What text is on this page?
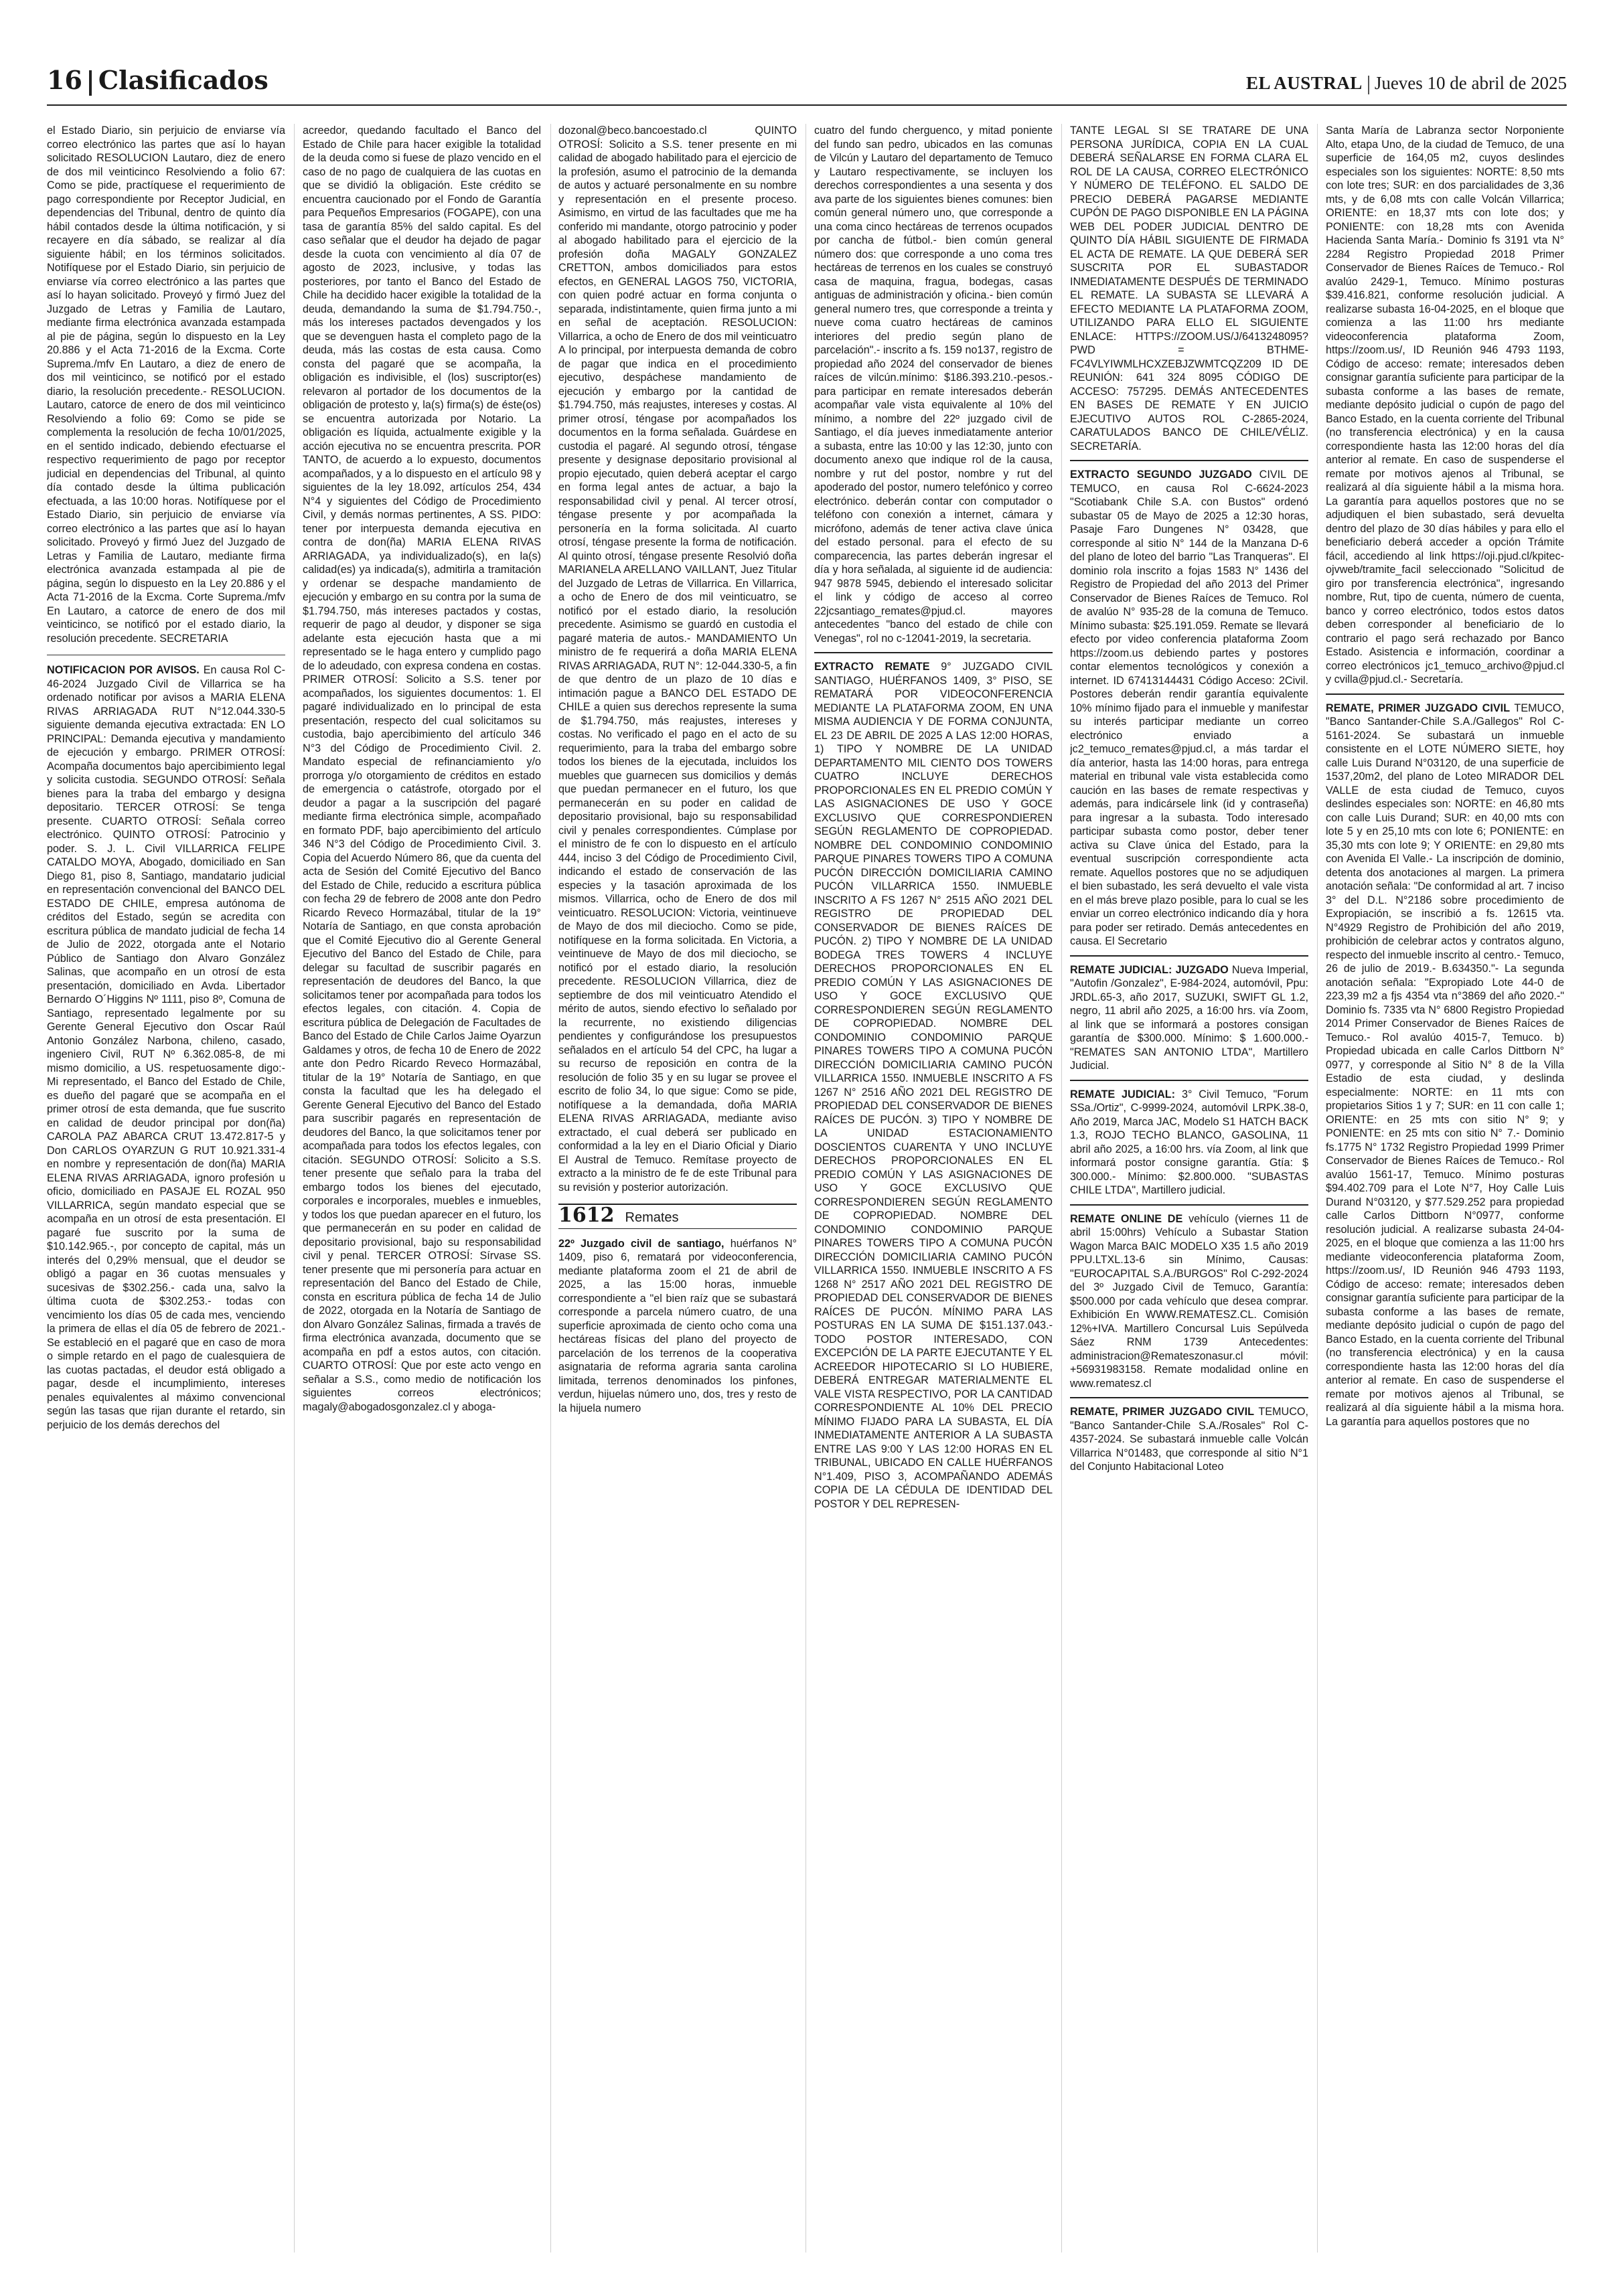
16 Clasificados	EL AUSTRAL Jueves 10 de abril de 2025

el Estado Diario, sin perjuicio de enviarse vía correo electrónico las partes que así lo hayan solicitado RESOLUCION Lautaro, diez de enero de dos mil veinticinco Resolviendo a folio 67: Como se pide, practíquese el requerimiento de pago correspondiente por Receptor Judicial, en dependencias del Tribunal, dentro de quinto día hábil contados desde la última notificación, y si recayere en día sábado, se realizar al día siguiente hábil; en los términos solicitados. Notifíquese por el Estado Diario, sin perjuicio de enviarse vía correo electrónico a las partes que así lo hayan solicitado. Proveyó y firmó Juez del Juzgado de Letras y Familia de Lautaro, mediante firma electrónica avanzada estampada al pie de página, según lo dispuesto en la Ley 20.886 y el Acta 71-2016 de la Excma. Corte Suprema./mfv En Lautaro, a diez de enero de dos mil veinticinco, se notificó por el estado diario, la resolución precedente.- RESOLUCION. Lautaro, catorce de enero de dos mil veinticinco Resolviendo a folio 69: Como se pide se complementa la resolución de fecha 10/01/2025, en el sentido indicado, debiendo efectuarse el respectivo requerimiento de pago por receptor judicial en dependencias del Tribunal, al quinto día contado desde la última publicación efectuada, a las 10:00 horas. Notifíquese por el Estado Diario, sin perjuicio de enviarse vía correo electrónico a las partes que así lo hayan solicitado. Proveyó y firmó Juez del Juzgado de Letras y Familia de Lautaro, mediante firma electrónica avanzada estampada al pie de página, según lo dispuesto en la Ley 20.886 y el Acta 71-2016 de la Excma. Corte Suprema./mfv En Lautaro, a catorce de enero de dos mil veinticinco, se notificó por el estado diario, la resolución precedente. SECRETARIA

NOTIFICACION POR AVISOS. En causa Rol C-46-2024 Juzgado Civil de Villarrica se ha ordenado notificar por avisos a MARIA ELENA RIVAS ARRIAGADA RUT N°12.044.330-5 siguiente demanda ejecutiva extractada: EN LO PRINCIPAL: Demanda ejecutiva y mandamiento de ejecución y embargo. PRIMER OTROSÍ: Acompaña documentos bajo apercibimiento legal y solicita custodia. SEGUNDO OTROSÍ: Señala bienes para la traba del embargo y designa depositario. TERCER OTROSÍ: Se tenga presente. CUARTO OTROSÍ: Señala correo electrónico. QUINTO OTROSÍ: Patrocinio y poder. S. J. L. Civil VILLARRICA FELIPE CATALDO MOYA, Abogado, domiciliado en San Diego 81, piso 8, Santiago, mandatario judicial en representación convencional del BANCO DEL ESTADO DE CHILE, empresa autónoma de créditos del Estado, según se acredita con escritura pública de mandato judicial de fecha 14 de Julio de 2022, otorgada ante el Notario Público de Santiago don Alvaro González Salinas, que acompaño en un otrosí de esta presentación, domiciliado en Avda. Libertador Bernardo O´Higgins Nº 1111, piso 8º, Comuna de Santiago, representado legalmente por su Gerente General Ejecutivo don Oscar Raúl Antonio González Narbona, chileno, casado, ingeniero Civil, RUT Nº 6.362.085-8, de mi mismo domicilio, a US. respetuosamente digo:- Mi representado, el Banco del Estado de Chile, es dueño del pagaré que se acompaña en el primer otrosí de esta demanda, que fue suscrito en calidad de deudor principal por don(ña) CAROLA PAZ ABARCA CRUT 13.472.817-5 y Don CARLOS OYARZUN G RUT 10.921.331-4 en nombre y representación de don(ña) MARIA ELENA RIVAS ARRIAGADA, ignoro profesión u oficio, domiciliado en PASAJE EL ROZAL 950 VILLARRICA, según mandato especial que se acompaña en un otrosí de esta presentación. El pagaré fue suscrito por la suma de $10.142.965.-, por concepto de capital, más un interés del 0,29% mensual, que el deudor se obligó a pagar en 36 cuotas mensuales y sucesivas de $302.256.- cada una, salvo la última cuota de $302.253.- todas con vencimiento los días 05 de cada mes, venciendo la primera de ellas el día 05 de febrero de 2021.- Se estableció en el pagaré que en caso de mora o simple retardo en el pago de cualesquiera de las cuotas pactadas, el deudor está obligado a pagar, desde el incumplimiento, intereses penales equivalentes al máximo convencional según las tasas que rijan durante el retardo, sin perjuicio de los demás derechos del

acreedor, quedando facultado el Banco del Estado de Chile para hacer exigible la totalidad de la deuda como si fuese de plazo vencido en el caso de no pago de cualquiera de las cuotas en que se dividió la obligación. Este crédito se encuentra caucionado por el Fondo de Garantía para Pequeños Empresarios (FOGAPE), con una tasa de garantía 85% del saldo capital. Es del caso señalar que el deudor ha dejado de pagar desde la cuota con vencimiento al día 07 de agosto de 2023, inclusive, y todas las posteriores, por tanto el Banco del Estado de Chile ha decidido hacer exigible la totalidad de la deuda, demandando la suma de $1.794.750.-, más los intereses pactados devengados y los que se devenguen hasta el completo pago de la deuda, más las costas de esta causa. Como consta del pagaré que se acompaña, la obligación es indivisible, el (los) suscriptor(es) relevaron al portador de los documentos de la obligación de protesto y, la(s) firma(s) de éste(os) se encuentra autorizada por Notario. La obligación es líquida, actualmente exigible y la acción ejecutiva no se encuentra prescrita. POR TANTO, de acuerdo a lo expuesto, documentos acompañados, y a lo dispuesto en el artículo 98 y siguientes de la ley 18.092, artículos 254, 434 N°4 y siguientes del Código de Procedimiento Civil, y demás normas pertinentes, A SS. PIDO: tener por interpuesta demanda ejecutiva en contra de don(ña) MARIA ELENA RIVAS ARRIAGADA, ya individualizado(s), en la(s) calidad(es) ya indicada(s), admitirla a tramitación y ordenar se despache mandamiento de ejecución y embargo en su contra por la suma de $1.794.750, más intereses pactados y costas, requerir de pago al deudor, y disponer se siga adelante esta ejecución hasta que a mi representado se le haga entero y cumplido pago de lo adeudado, con expresa condena en costas. PRIMER OTROSÍ: Solicito a S.S. tener por acompañados, los siguientes documentos: 1. El pagaré individualizado en lo principal de esta presentación, respecto del cual solicitamos su custodia, bajo apercibimiento del artículo 346 N°3 del Código de Procedimiento Civil. 2. Mandato especial de refinanciamiento y/o prorroga y/o otorgamiento de créditos en estado de emergencia o catástrofe, otorgado por el deudor a pagar a la suscripción del pagaré mediante firma electrónica simple, acompañado en formato PDF, bajo apercibimiento del artículo 346 N°3 del Código de Procedimiento Civil. 3. Copia del Acuerdo Número 86, que da cuenta del acta de Sesión del Comité Ejecutivo del Banco del Estado de Chile, reducido a escritura pública con fecha 29 de febrero de 2008 ante don Pedro Ricardo Reveco Hormazábal, titular de la 19° Notaría de Santiago, en que consta aprobación que el Comité Ejecutivo dio al Gerente General Ejecutivo del Banco del Estado de Chile, para delegar su facultad de suscribir pagarés en representación de deudores del Banco, la que solicitamos tener por acompañada para todos los efectos legales, con citación. 4. Copia de escritura pública de Delegación de Facultades de Banco del Estado de Chile Carlos Jaime Oyarzun Galdames y otros, de fecha 10 de Enero de 2022 ante don Pedro Ricardo Reveco Hormazábal, titular de la 19° Notaría de Santiago, en que consta la facultad que les ha delegado el Gerente General Ejecutivo del Banco del Estado para suscribir pagarés en representación de deudores del Banco, la que solicitamos tener por acompañada para todos los efectos legales, con citación. SEGUNDO OTROSÍ: Solicito a S.S. tener presente que señalo para la traba del embargo todos los bienes del ejecutado, corporales e incorporales, muebles e inmuebles, y todos los que puedan aparecer en el futuro, los que permanecerán en su poder en calidad de depositario provisional, bajo su responsabilidad civil y penal. TERCER OTROSÍ: Sírvase SS. tener presente que mi personería para actuar en representación del Banco del Estado de Chile, consta en escritura pública de fecha 14 de Julio de 2022, otorgada en la Notaría de Santiago de don Alvaro González Salinas, firmada a través de firma electrónica avanzada, documento que se acompaña en pdf a estos autos, con citación. CUARTO OTROSÍ: Que por este acto vengo en señalar a S.S., como medio de notificación los siguientes correos electrónicos; magaly@abogadosgonzalez.cl y aboga-

dozonal@beco.bancoestado.cl QUINTO OTROSÍ: Solicito a S.S. tener presente en mi calidad de abogado habilitado para el ejercicio de la profesión, asumo el patrocinio de la demanda de autos y actuaré personalmente en su nombre y representación en el presente proceso. Asimismo, en virtud de las facultades que me ha conferido mi mandante, otorgo patrocinio y poder al abogado habilitado para el ejercicio de la profesión doña MAGALY GONZALEZ CRETTON, ambos domiciliados para estos efectos, en GENERAL LAGOS 750, VICTORIA, con quien podré actuar en forma conjunta o separada, indistintamente, quien firma junto a mi en señal de aceptación. RESOLUCION: Villarrica, a ocho de Enero de dos mil veinticuatro A lo principal, por interpuesta demanda de cobro de pagar que indica en el procedimiento ejecutivo, despáchese mandamiento de ejecución y embargo por la cantidad de $1.794.750, más reajustes, intereses y costas. Al primer otrosí, téngase por acompañados los documentos en la forma señalada. Guárdese en custodia el pagaré. Al segundo otrosí, téngase presente y designase depositario provisional al propio ejecutado, quien deberá aceptar el cargo en forma legal antes de actuar, a bajo la responsabilidad civil y penal. Al tercer otrosí, téngase presente y por acompañada la personería en la forma solicitada. Al cuarto otrosí, téngase presente la forma de notificación. Al quinto otrosí, téngase presente Resolvió doña MARIANELA ARELLANO VAILLANT, Juez Titular del Juzgado de Letras de Villarrica. En Villarrica, a ocho de Enero de dos mil veinticuatro, se notificó por el estado diario, la resolución precedente. Asimismo se guardó en custodia el pagaré materia de autos.- MANDAMIENTO Un ministro de fe requerirá a doña MARIA ELENA RIVAS ARRIAGADA, RUT N°: 12-044.330-5, a fin de que dentro de un plazo de 10 días e intimación pague a BANCO DEL ESTADO DE CHILE a quien sus derechos represente la suma de $1.794.750, más reajustes, intereses y costas. No verificado el pago en el acto de su requerimiento, para la traba del embargo sobre todos los bienes de la ejecutada, incluidos los muebles que guarnecen sus domicilios y demás que puedan permanecer en el futuro, los que permanecerán en su poder en calidad de depositario provisional, bajo su responsabilidad civil y penales correspondientes. Cúmplase por el ministro de fe con lo dispuesto en el artículo 444, inciso 3 del Código de Procedimiento Civil, indicando el estado de conservación de las especies y la tasación aproximada de los mismos. Villarrica, ocho de Enero de dos mil veinticuatro. RESOLUCION: Victoria, veintinueve de Mayo de dos mil dieciocho. Como se pide, notifíquese en la forma solicitada. En Victoria, a veintinueve de Mayo de dos mil dieciocho, se notificó por el estado diario, la resolución precedente. RESOLUCION Villarrica, diez de septiembre de dos mil veinticuatro Atendido el mérito de autos, siendo efectivo lo señalado por la recurrente, no existiendo diligencias pendientes y configurándose los presupuestos señalados en el artículo 54 del CPC, ha lugar a su recurso de reposición en contra de la resolución de folio 35 y en su lugar se provee el escrito de folio 34, lo que sigue: Como se pide, notifíquese a la demandada, doña MARIA ELENA RIVAS ARRIAGADA, mediante aviso extractado, el cual deberá ser publicado en conformidad a la ley en el Diario Oficial y Diario El Austral de Temuco. Remítase proyecto de extracto a la ministro de fe de este Tribunal para su revisión y posterior autorización.

1612 Remates

22º Juzgado civil de santiago, huérfanos N° 1409, piso 6, rematará por videoconferencia, mediante plataforma zoom el 21 de abril de 2025, a las 15:00 horas, inmueble correspondiente a "el bien raíz que se subastará corresponde a parcela número cuatro, de una superficie aproximada de ciento ocho coma una hectáreas físicas del plano del proyecto de parcelación de los terrenos de la cooperativa asignataria de reforma agraria santa carolina limitada, terrenos denominados los pinfones, verdun, hijuelas número uno, dos, tres y resto de la hijuela numero

cuatro del fundo cherguenco, y mitad poniente del fundo san pedro, ubicados en las comunas de Vilcún y Lautaro del departamento de Temuco y Lautaro respectivamente, se incluyen los derechos correspondientes a una sesenta y dos ava parte de los siguientes bienes comunes: bien común general número uno, que corresponde a una coma cinco hectáreas de terrenos ocupados por cancha de fútbol.- bien común general número dos: que corresponde a uno coma tres hectáreas de terrenos en los cuales se construyó casa de maquina, fragua, bodegas, casas antiguas de administración y oficina.- bien común general numero tres, que corresponde a treinta y nueve coma cuatro hectáreas de caminos interiores del predio según plano de parcelación".- inscrito a fs. 159 no137, registro de propiedad año 2024 del conservador de bienes raíces de vilcún.mínimo: $186.393.210.-pesos.- para participar en remate interesados deberán acompañar vale vista equivalente al 10% del mínimo, a nombre del 22º juzgado civil de Santiago, el día jueves inmediatamente anterior a subasta, entre las 10:00 y las 12:30, junto con documento anexo que indique rol de la causa, nombre y rut del postor, nombre y rut del apoderado del postor, numero telefónico y correo electrónico. deberán contar con computador o teléfono con conexión a internet, cámara y micrófono, además de tener activa clave única del estado personal. para el efecto de su comparecencia, las partes deberán ingresar el día y hora señalada, al siguiente id de audiencia: 947 9878 5945, debiendo el interesado solicitar el link y código de acceso al correo 22jcsantiago_remates@pjud.cl. mayores antecedentes "banco del estado de chile con Venegas", rol no c-12041-2019, la secretaria.

EXTRACTO REMATE 9° JUZGADO CIVIL SANTIAGO, HUÉRFANOS 1409, 3° PISO, SE REMATARÁ POR VIDEOCONFERENCIA MEDIANTE LA PLATAFORMA ZOOM, EN UNA MISMA AUDIENCIA Y DE FORMA CONJUNTA, EL 23 DE ABRIL DE 2025 A LAS 12:00 HORAS, 1) TIPO Y NOMBRE DE LA UNIDAD DEPARTAMENTO MIL CIENTO DOS TOWERS CUATRO INCLUYE DERECHOS PROPORCIONALES EN EL PREDIO COMÚN Y LAS ASIGNACIONES DE USO Y GOCE EXCLUSIVO QUE CORRESPONDIEREN SEGÚN REGLAMENTO DE COPROPIEDAD. NOMBRE DEL CONDOMINIO CONDOMINIO PARQUE PINARES TOWERS TIPO A COMUNA PUCÓN DIRECCIÓN DOMICILIARIA CAMINO PUCÓN VILLARRICA 1550. INMUEBLE INSCRITO A FS 1267 N° 2515 AÑO 2021 DEL REGISTRO DE PROPIEDAD DEL CONSERVADOR DE BIENES RAÍCES DE PUCÓN. 2) TIPO Y NOMBRE DE LA UNIDAD BODEGA TRES TOWERS 4 INCLUYE DERECHOS PROPORCIONALES EN EL PREDIO COMÚN Y LAS ASIGNACIONES DE USO Y GOCE EXCLUSIVO QUE CORRESPONDIEREN SEGÚN REGLAMENTO DE COPROPIEDAD. NOMBRE DEL CONDOMINIO CONDOMINIO PARQUE PINARES TOWERS TIPO A COMUNA PUCÓN DIRECCIÓN DOMICILIARIA CAMINO PUCÓN VILLARRICA 1550. INMUEBLE INSCRITO A FS 1267 N° 2516 AÑO 2021 DEL REGISTRO DE PROPIEDAD DEL CONSERVADOR DE BIENES RAÍCES DE PUCÓN. 3) TIPO Y NOMBRE DE LA UNIDAD ESTACIONAMIENTO DOSCIENTOS CUARENTA Y UNO INCLUYE DERECHOS PROPORCIONALES EN EL PREDIO COMÚN Y LAS ASIGNACIONES DE USO Y GOCE EXCLUSIVO QUE CORRESPONDIEREN SEGÚN REGLAMENTO DE COPROPIEDAD. NOMBRE DEL CONDOMINIO CONDOMINIO PARQUE PINARES TOWERS TIPO A COMUNA PUCÓN DIRECCIÓN DOMICILIARIA CAMINO PUCÓN VILLARRICA 1550. INMUEBLE INSCRITO A FS 1268 N° 2517 AÑO 2021 DEL REGISTRO DE PROPIEDAD DEL CONSERVADOR DE BIENES RAÍCES DE PUCÓN. MÍNIMO PARA LAS POSTURAS EN LA SUMA DE $151.137.043.- TODO POSTOR INTERESADO, CON EXCEPCIÓN DE LA PARTE EJECUTANTE Y EL ACREEDOR HIPOTECARIO SI LO HUBIERE, DEBERÁ ENTREGAR MATERIALMENTE EL VALE VISTA RESPECTIVO, POR LA CANTIDAD CORRESPONDIENTE AL 10% DEL PRECIO MÍNIMO FIJADO PARA LA SUBASTA, EL DÍA INMEDIATAMENTE ANTERIOR A LA SUBASTA ENTRE LAS 9:00 Y LAS 12:00 HORAS EN EL TRIBUNAL, UBICADO EN CALLE HUÉRFANOS N°1.409, PISO 3, ACOMPAÑANDO ADEMÁS COPIA DE LA CÉDULA DE IDENTIDAD DEL POSTOR Y DEL REPRESEN-

TANTE LEGAL SI SE TRATARE DE UNA PERSONA JURÍDICA, COPIA EN LA CUAL DEBERÁ SEÑALARSE EN FORMA CLARA EL ROL DE LA CAUSA, CORREO ELECTRÓNICO Y NÚMERO DE TELÉFONO. EL SALDO DE PRECIO DEBERÁ PAGARSE MEDIANTE CUPÓN DE PAGO DISPONIBLE EN LA PÁGINA WEB DEL PODER JUDICIAL DENTRO DE QUINTO DÍA HÁBIL SIGUIENTE DE FIRMADA EL ACTA DE REMATE. LA QUE DEBERÁ SER SUSCRITA POR EL SUBASTADOR INMEDIATAMENTE DESPUÉS DE TERMINADO EL REMATE. LA SUBASTA SE LLEVARÁ A EFECTO MEDIANTE LA PLATAFORMA ZOOM, UTILIZANDO PARA ELLO EL SIGUIENTE ENLACE: HTTPS://ZOOM.US/J/6413248095?PWD = BTHME-FC4VLYIWMLHCXZEBJZWMTCQZ209 ID DE REUNIÓN: 641 324 8095 CÓDIGO DE ACCESO: 757295. DEMÁS ANTECEDENTES EN BASES DE REMATE Y EN JUICIO EJECUTIVO AUTOS ROL C-2865-2024, CARATULADOS BANCO DE CHILE/VÉLIZ. SECRETARÍA.

EXTRACTO SEGUNDO JUZGADO CIVIL DE TEMUCO, en causa Rol C-6624-2023 "Scotiabank Chile S.A. con Bustos" ordenó subastar 05 de Mayo de 2025 a 12:30 horas, Pasaje Faro Dungenes N° 03428, que corresponde al sitio N° 144 de la Manzana D-6 del plano de loteo del barrio "Las Tranqueras". El dominio rola inscrito a fojas 1583 N° 1436 del Registro de Propiedad del año 2013 del Primer Conservador de Bienes Raíces de Temuco. Rol de avalúo N° 935-28 de la comuna de Temuco. Mínimo subasta: $25.191.059. Remate se llevará efecto por video conferencia plataforma Zoom https://zoom.us debiendo partes y postores contar elementos tecnológicos y conexión a internet. ID 67413144431 Código Acceso: 2Civil. Postores deberán rendir garantía equivalente 10% mínimo fijado para el inmueble y manifestar su interés participar mediante un correo electrónico enviado a jc2_temuco_remates@pjud.cl, a más tardar el día anterior, hasta las 14:00 horas, para entrega material en tribunal vale vista establecida como caución en las bases de remate respectivas y además, para indicársele link (id y contraseña) para ingresar a la subasta. Todo interesado participar subasta como postor, deber tener activa su Clave única del Estado, para la eventual suscripción correspondiente acta remate. Aquellos postores que no se adjudiquen el bien subastado, les será devuelto el vale vista en el más breve plazo posible, para lo cual se les enviar un correo electrónico indicando día y hora para poder ser retirado. Demás antecedentes en causa. El Secretario

REMATE JUDICIAL: JUZGADO Nueva Imperial, "Autofin /Gonzalez", E-984-2024, automóvil, Ppu: JRDL.65-3, año 2017, SUZUKI, SWIFT GL 1.2, negro, 11 abril año 2025, a 16:00 hrs. vía Zoom, al link que se informará a postores consigan garantía de $300.000. Mínimo: $ 1.600.000.- "REMATES SAN ANTONIO LTDA", Martillero Judicial.

REMATE JUDICIAL: 3° Civil Temuco, "Forum SSa./Ortiz", C-9999-2024, automóvil LRPK.38-0, Año 2019, Marca JAC, Modelo S1 HATCH BACK 1.3, ROJO TECHO BLANCO, GASOLINA, 11 abril año 2025, a 16:00 hrs. vía Zoom, al link que informará postor consigne garantía. Gtía: $ 300.000.- Mínimo: $2.800.000. "SUBASTAS CHILE LTDA", Martillero judicial.

REMATE ONLINE DE vehículo (viernes 11 de abril 15:00hrs) Vehículo a Subastar Station Wagon Marca BAIC MODELO X35 1.5 año 2019 PPU.LTXL.13-6 sin Mínimo, Causas: "EUROCAPITAL S.A./BURGOS" Rol C-292-2024 del 3º Juzgado Civil de Temuco, Garantía: $500.000 por cada vehículo que desea comprar. Exhibición En WWW.REMATESZ.CL. Comisión 12%+IVA. Martillero Concursal Luis Sepúlveda Sáez RNM 1739 Antecedentes: administracion@Remateszonasur.cl móvil: +56931983158. Remate modalidad online en www.rematesz.cl

REMATE, PRIMER JUZGADO CIVIL TEMUCO, "Banco Santander-Chile S.A./Rosales" Rol C-4357-2024. Se subastará inmueble calle Volcán Villarrica N°01483, que corresponde al sitio N°1 del Conjunto Habitacional Loteo

Santa María de Labranza sector Norponiente Alto, etapa Uno, de la ciudad de Temuco, de una superficie de 164,05 m2, cuyos deslindes especiales son los siguientes: NORTE: 8,50 mts con lote tres; SUR: en dos parcialidades de 3,36 mts, y de 6,08 mts con calle Volcán Villarrica; ORIENTE: en 18,37 mts con lote dos; y PONIENTE: con 18,28 mts con Avenida Hacienda Santa María.- Dominio fs 3191 vta N° 2284 Registro Propiedad 2018 Primer Conservador de Bienes Raíces de Temuco.- Rol avalúo 2429-1, Temuco. Mínimo posturas $39.416.821, conforme resolución judicial. A realizarse subasta 16-04-2025, en el bloque que comienza a las 11:00 hrs mediante videoconferencia plataforma Zoom, https://zoom.us/, ID Reunión 946 4793 1193, Código de acceso: remate; interesados deben consignar garantía suficiente para participar de la subasta conforme a las bases de remate, mediante depósito judicial o cupón de pago del Banco Estado, en la cuenta corriente del Tribunal (no transferencia electrónica) y en la causa correspondiente hasta las 12:00 horas del día anterior al remate. En caso de suspenderse el remate por motivos ajenos al Tribunal, se realizará al día siguiente hábil a la misma hora. La garantía para aquellos postores que no se adjudiquen el bien subastado, será devuelta dentro del plazo de 30 días hábiles y para ello el beneficiario deberá acceder a opción Trámite fácil, accediendo al link https://oji.pjud.cl/kpitec-ojvweb/tramite_facil seleccionado "Solicitud de giro por transferencia electrónica", ingresando nombre, Rut, tipo de cuenta, número de cuenta, banco y correo electrónico, todos estos datos deben corresponder al beneficiario de lo contrario el pago será rechazado por Banco Estado. Asistencia e información, coordinar a correo electrónicos jc1_temuco_archivo@pjud.cl y cvilla@pjud.cl.- Secretaría.

REMATE, PRIMER JUZGADO CIVIL TEMUCO, "Banco Santander-Chile S.A./Gallegos" Rol C-5161-2024. Se subastará un inmueble consistente en el LOTE NÚMERO SIETE, hoy calle Luis Durand N°03120, de una superficie de 1537,20m2, del plano de Loteo MIRADOR DEL VALLE de esta ciudad de Temuco, cuyos deslindes especiales son: NORTE: en 46,80 mts con calle Luis Durand; SUR: en 40,00 mts con lote 5 y en 25,10 mts con lote 6; PONIENTE: en 35,30 mts con lote 9; Y ORIENTE: en 29,80 mts con Avenida El Valle.- La inscripción de dominio, detenta dos anotaciones al margen. La primera anotación señala: "De conformidad al art. 7 inciso 3° del D.L. N°2186 sobre procedimiento de Expropiación, se inscribió a fs. 12615 vta. N°4929 Registro de Prohibición del año 2019, prohibición de celebrar actos y contratos alguno, respecto del inmueble inscrito al centro.- Temuco, 26 de julio de 2019.- B.634350."- La segunda anotación señala: "Expropiado Lote 44-0 de 223,39 m2 a fjs 4354 vta n°3869 del año 2020.-" Dominio fs. 7335 vta N° 6800 Registro Propiedad 2014 Primer Conservador de Bienes Raíces de Temuco.- Rol avalúo 4015-7, Temuco. b) Propiedad ubicada en calle Carlos Dittborn N° 0977, y corresponde al Sitio N° 8 de la Villa Estadio de esta ciudad, y deslinda especialmente: NORTE: en 11 mts con propietarios Sitios 1 y 7; SUR: en 11 con calle 1; ORIENTE: en 25 mts con sitio N° 9; y PONIENTE: en 25 mts con sitio N° 7.- Dominio fs.1775 N° 1732 Registro Propiedad 1999 Primer Conservador de Bienes Raíces de Temuco.- Rol avalúo 1561-17, Temuco. Mínimo posturas $94.402.709 para el Lote N°7, Hoy Calle Luis Durand N°03120, y $77.529.252 para propiedad calle Carlos Dittborn N°0977, conforme resolución judicial. A realizarse subasta 24-04-2025, en el bloque que comienza a las 11:00 hrs mediante videoconferencia plataforma Zoom, https://zoom.us/, ID Reunión 946 4793 1193, Código de acceso: remate; interesados deben consignar garantía suficiente para participar de la subasta conforme a las bases de remate, mediante depósito judicial o cupón de pago del Banco Estado, en la cuenta corriente del Tribunal (no transferencia electrónica) y en la causa correspondiente hasta las 12:00 horas del día anterior al remate. En caso de suspenderse el remate por motivos ajenos al Tribunal, se realizará al día siguiente hábil a la misma hora. La garantía para aquellos postores que no
